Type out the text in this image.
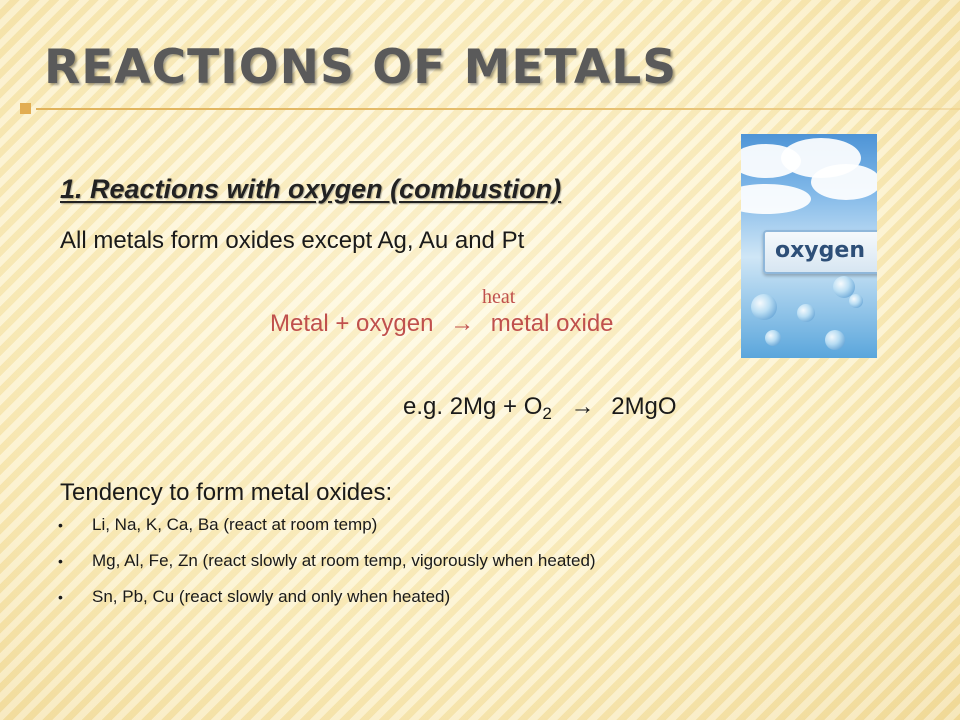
REACTIONS OF METALS
1. Reactions with oxygen (combustion)
All metals form oxides except Ag, Au and Pt
heat
Metal + oxygen → metal oxide
e.g. $2Mg + O_2 \to 2MgO$
Tendency to form metal oxides:
• Li, Na, K, Ca, Ba (react at room temp)
• Mg, Al, Fe, Zn (react slowly at room temp, vigorously when heated)
• Sn, Pb, Cu (react slowly and only when heated)
oxygen
